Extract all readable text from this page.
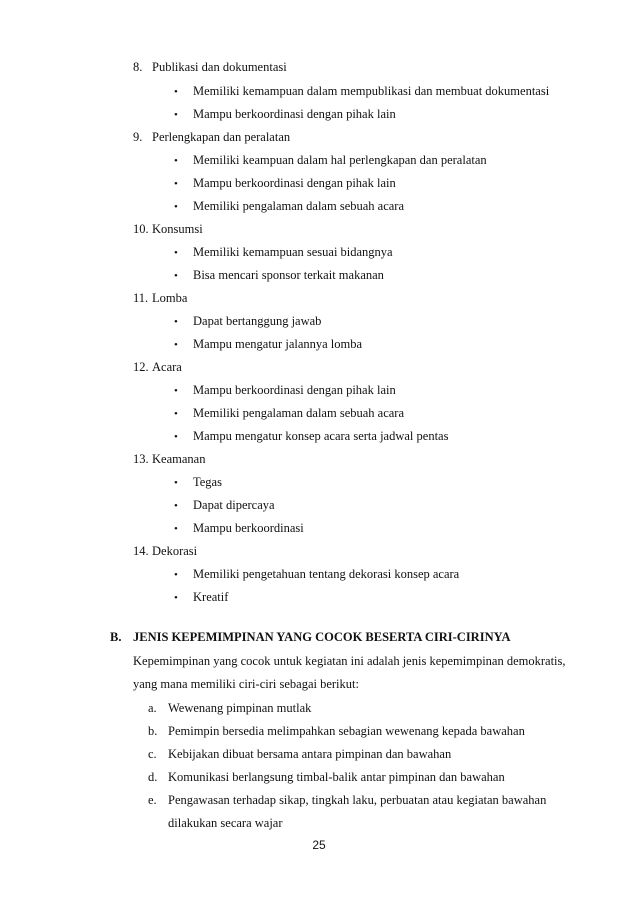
8. Publikasi dan dokumentasi
• Memiliki kemampuan dalam mempublikasi dan membuat dokumentasi
• Mampu berkoordinasi dengan pihak lain
9. Perlengkapan dan peralatan
• Memiliki keampuan dalam hal perlengkapan dan peralatan
• Mampu berkoordinasi dengan pihak lain
• Memiliki pengalaman dalam sebuah acara
10. Konsumsi
• Memiliki kemampuan sesuai bidangnya
• Bisa mencari sponsor terkait makanan
11. Lomba
• Dapat bertanggung jawab
• Mampu mengatur jalannya lomba
12. Acara
• Mampu berkoordinasi dengan pihak lain
• Memiliki pengalaman dalam sebuah acara
• Mampu mengatur konsep acara serta jadwal pentas
13. Keamanan
• Tegas
• Dapat dipercaya
• Mampu berkoordinasi
14. Dekorasi
• Memiliki pengetahuan tentang dekorasi konsep acara
• Kreatif
B. JENIS KEPEMIMPINAN YANG COCOK BESERTA CIRI-CIRINYA
Kepemimpinan yang cocok untuk kegiatan ini adalah jenis kepemimpinan demokratis,
yang mana memiliki ciri-ciri sebagai berikut:
a. Wewenang pimpinan mutlak
b. Pemimpin bersedia melimpahkan sebagian wewenang kepada bawahan
c. Kebijakan dibuat bersama antara pimpinan dan bawahan
d. Komunikasi berlangsung timbal-balik antar pimpinan dan bawahan
e. Pengawasan terhadap sikap, tingkah laku, perbuatan atau kegiatan bawahan
dilakukan secara wajar
25
